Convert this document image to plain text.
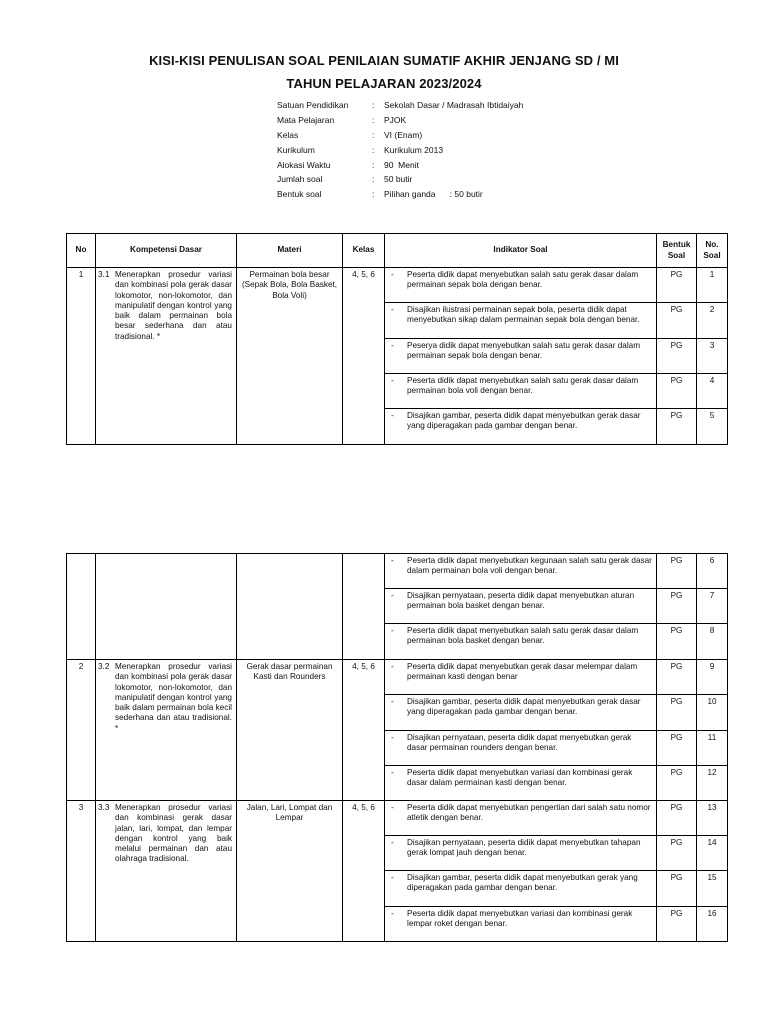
KISI-KISI PENULISAN SOAL PENILAIAN SUMATIF AKHIR JENJANG SD / MI
TAHUN PELAJARAN 2023/2024
Satuan Pendidikan	:	Sekolah Dasar / Madrasah Ibtidaiyah
Mata Pelajaran	:	PJOK
Kelas	:	VI (Enam)
Kurikulum	:	Kurikulum 2013
Alokasi Waktu	:	90  Menit
Jumlah soal	:	50 butir
Bentuk soal	:	Pilihan ganda      : 50 butir
No	Kompetensi Dasar	Materi	Kelas	Indikator Soal	Bentuk Soal	No. Soal
1	3.1 Menerapkan prosedur variasi dan kombinasi pola gerak dasar lokomotor, non-lokomotor, dan manipulatif dengan kontrol yang baik dalam permainan bola besar sederhana dan atau tradisional. *	Permainan bola besar (Sepak Bola, Bola Basket, Bola Voli)	4, 5, 6	- Peserta didik dapat menyebutkan salah satu gerak dasar dalam permainan sepak bola dengan benar.	PG	1

				- Disajikan ilustrasi permainan sepak bola, peserta didik dapat menyebutkan sikap dalam permainan sepak bola dengan benar.	PG	2

				- Peserya didik dapat menyebutkan salah satu gerak dasar dalam permainan sepak bola dengan benar.	PG	3

				- Peserta didik dapat menyebutkan salah satu gerak dasar dalam permainan bola voli dengan benar.	PG	4

				- Disajikan gambar, peserta didik dapat menyebutkan gerak dasar yang diperagakan pada gambar dengan benar.	PG	5

				- Peserta didik dapat menyebutkan kegunaan salah satu gerak dasar dalam permainan bola voli dengan benar.	PG	6

				- Disajikan pernyataan, peserta didik dapat menyebutkan aturan permainan bola basket dengan benar.	PG	7

				- Peserta didik dapat menyebutkan salah satu gerak dasar dalam permainan bola basket dengan benar.	PG	8
2	3.2 Menerapkan prosedur variasi dan kombinasi pola gerak dasar lokomotor, non-lokomotor, dan manipulatif dengan kontrol yang baik dalam permainan bola kecil sederhana dan atau tradisional. *	Gerak dasar permainan Kasti dan Rounders	4, 5, 6	- Peserta didik dapat menyebutkan gerak dasar melempar dalam permainan kasti dengan benar	PG	9

				- Disajikan gambar, peserta didik dapat menyebutkan gerak dasar yang diperagakan pada gambar dengan benar.	PG	10

				- Disajikan pernyataan, peserta didik dapat menyebutkan gerak dasar permainan rounders dengan benar.	PG	11

				- Peserta didik dapat menyebutkan variasi dan kombinasi gerak dasar dalam permainan kasti dengan benar.	PG	12
3	3.3 Menerapkan prosedur variasi dan kombinasi gerak dasar jalan, lari, lompat, dan lempar dengan kontrol yang baik melalui permainan dan atau olahraga tradisional.	Jalan, Lari, Lompat dan Lempar	4, 5, 6	- Peserta didik dapat menyebutkan pengertian dari salah satu nomor atletik dengan benar.	PG	13

				- Disajikan pernyataan, peserta didik dapat menyebutkan tahapan gerak lompat jauh dengan benar.	PG	14

				- Disajikan gambar, peserta didik dapat menyebutkan gerak yang diperagakan pada gambar dengan benar.	PG	15

				- Peserta didik dapat menyebutkan variasi dan kombinasi gerak lempar roket dengan benar.	PG	16
